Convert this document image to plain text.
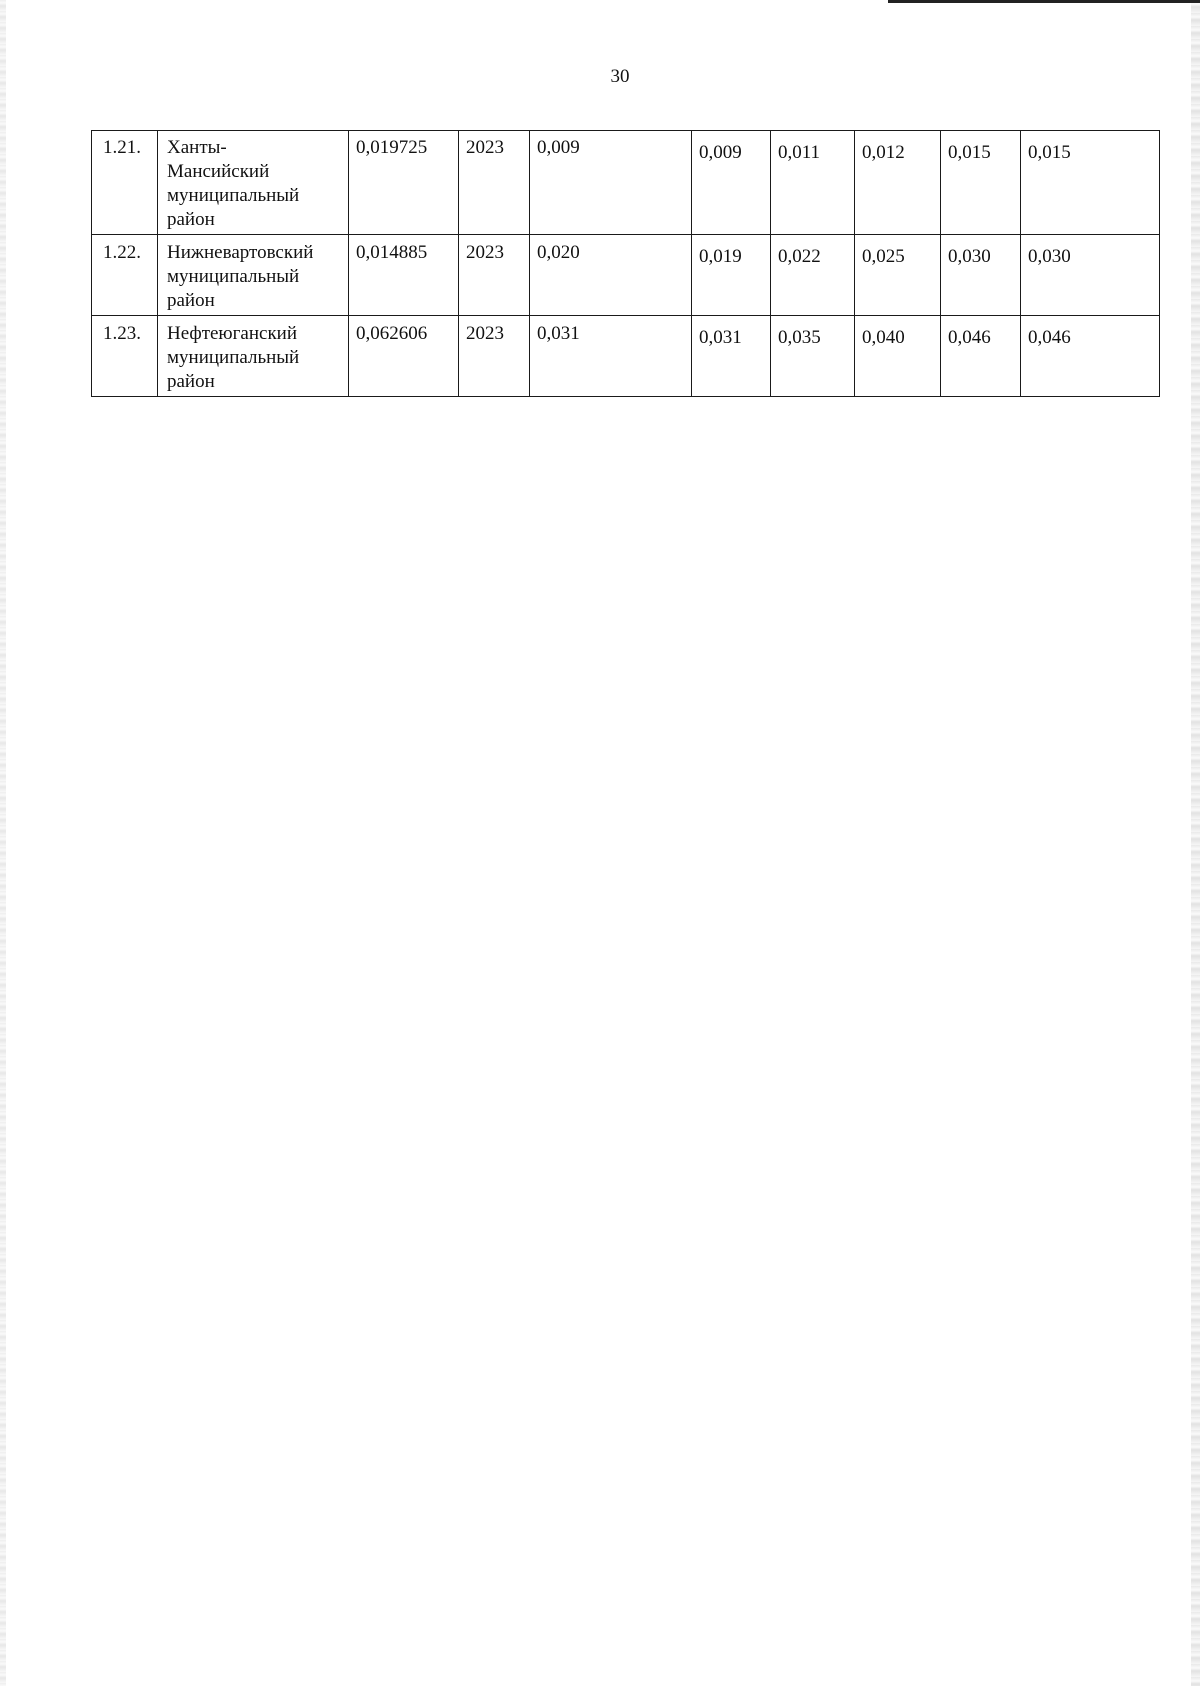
30
1.21.	Ханты-
Мансийский
муниципальный
район	0,019725	2023	0,009	0,009	0,011	0,012	0,015	0,015
1.22.	Нижневартовский
муниципальный
район	0,014885	2023	0,020	0,019	0,022	0,025	0,030	0,030
1.23.	Нефтеюганский
муниципальный
район	0,062606	2023	0,031	0,031	0,035	0,040	0,046	0,046
